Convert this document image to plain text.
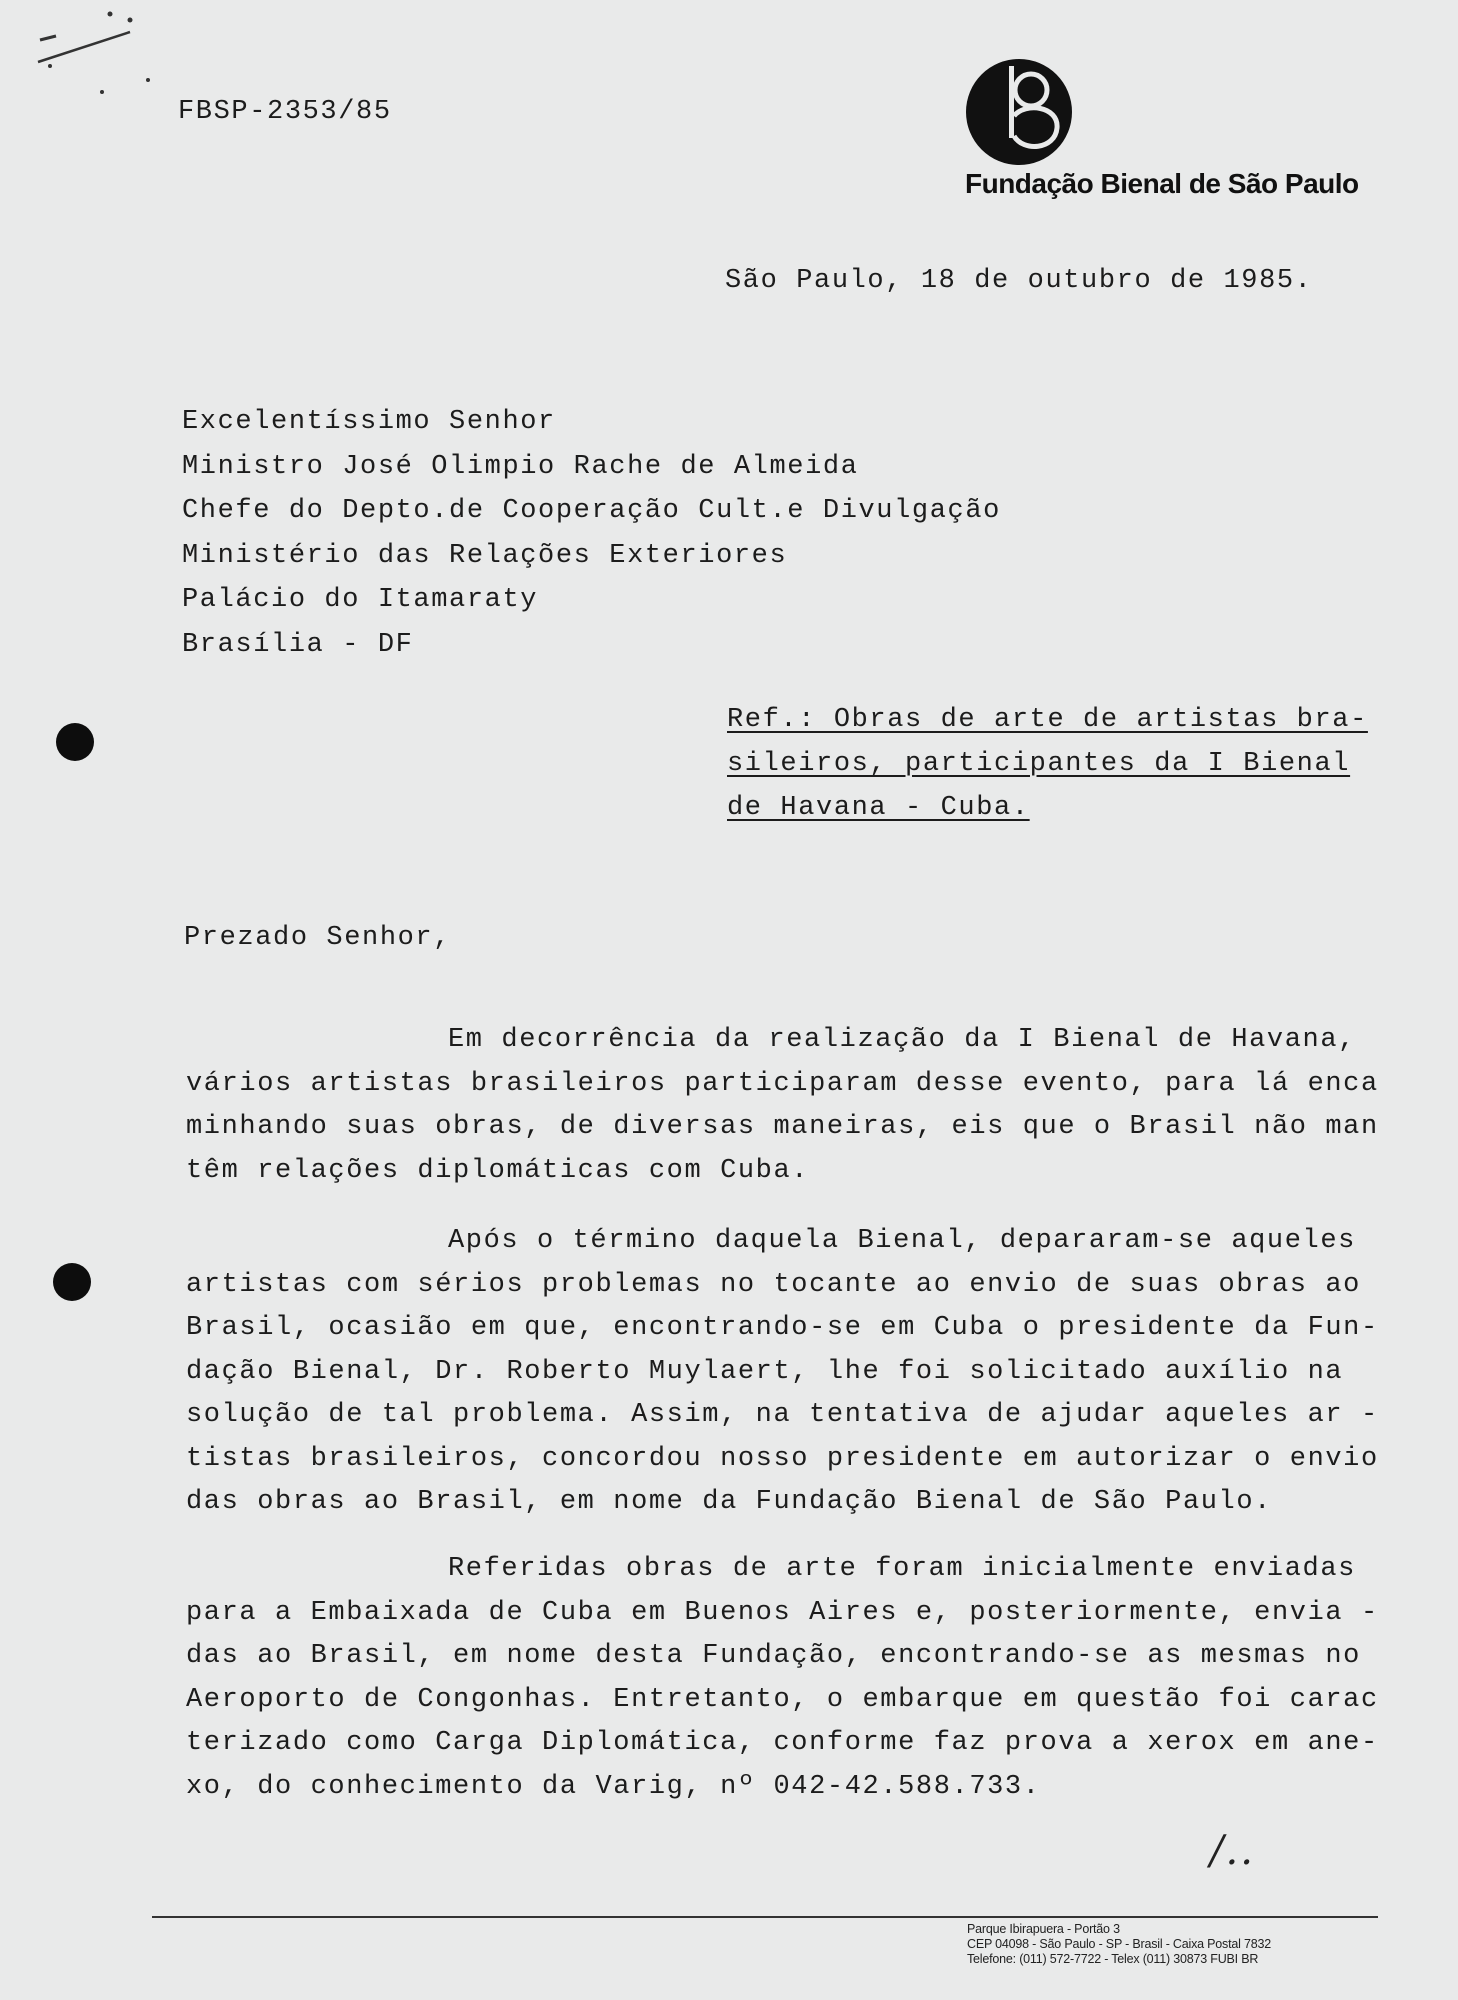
FBSP-2353/85
Fundação Bienal de São Paulo
São Paulo, 18 de outubro de 1985.
Excelentíssimo Senhor
Ministro José Olimpio Rache de Almeida
Chefe do Depto.de Cooperação Cult.e Divulgação
Ministério das Relações Exteriores
Palácio do Itamaraty
Brasília - DF
Ref.: Obras de arte de artistas bra-
sileiros, participantes da I Bienal
de Havana - Cuba.
Prezado Senhor,
Em decorrência da realização da I Bienal de Havana,
vários artistas brasileiros participaram desse evento, para lá enca
minhando suas obras, de diversas maneiras, eis que o Brasil não man
têm relações diplomáticas com Cuba.
Após o término daquela Bienal, depararam-se aqueles
artistas com sérios problemas no tocante ao envio de suas obras ao
Brasil, ocasião em que, encontrando-se em Cuba o presidente da Fun-
dação Bienal, Dr. Roberto Muylaert, lhe foi solicitado auxílio na
solução de tal problema. Assim, na tentativa de ajudar aqueles ar -
tistas brasileiros, concordou nosso presidente em autorizar o envio
das obras ao Brasil, em nome da Fundação Bienal de São Paulo.
Referidas obras de arte foram inicialmente enviadas
para a Embaixada de Cuba em Buenos Aires e, posteriormente, envia -
das ao Brasil, em nome desta Fundação, encontrando-se as mesmas no
Aeroporto de Congonhas. Entretanto, o embarque em questão foi carac
terizado como Carga Diplomática, conforme faz prova a xerox em ane-
xo, do conhecimento da Varig, nº 042-42.588.733.
/..
Parque Ibirapuera - Portão 3
CEP 04098 - São Paulo - SP - Brasil - Caixa Postal 7832
Telefone: (011) 572-7722 - Telex (011) 30873 FUBI BR
